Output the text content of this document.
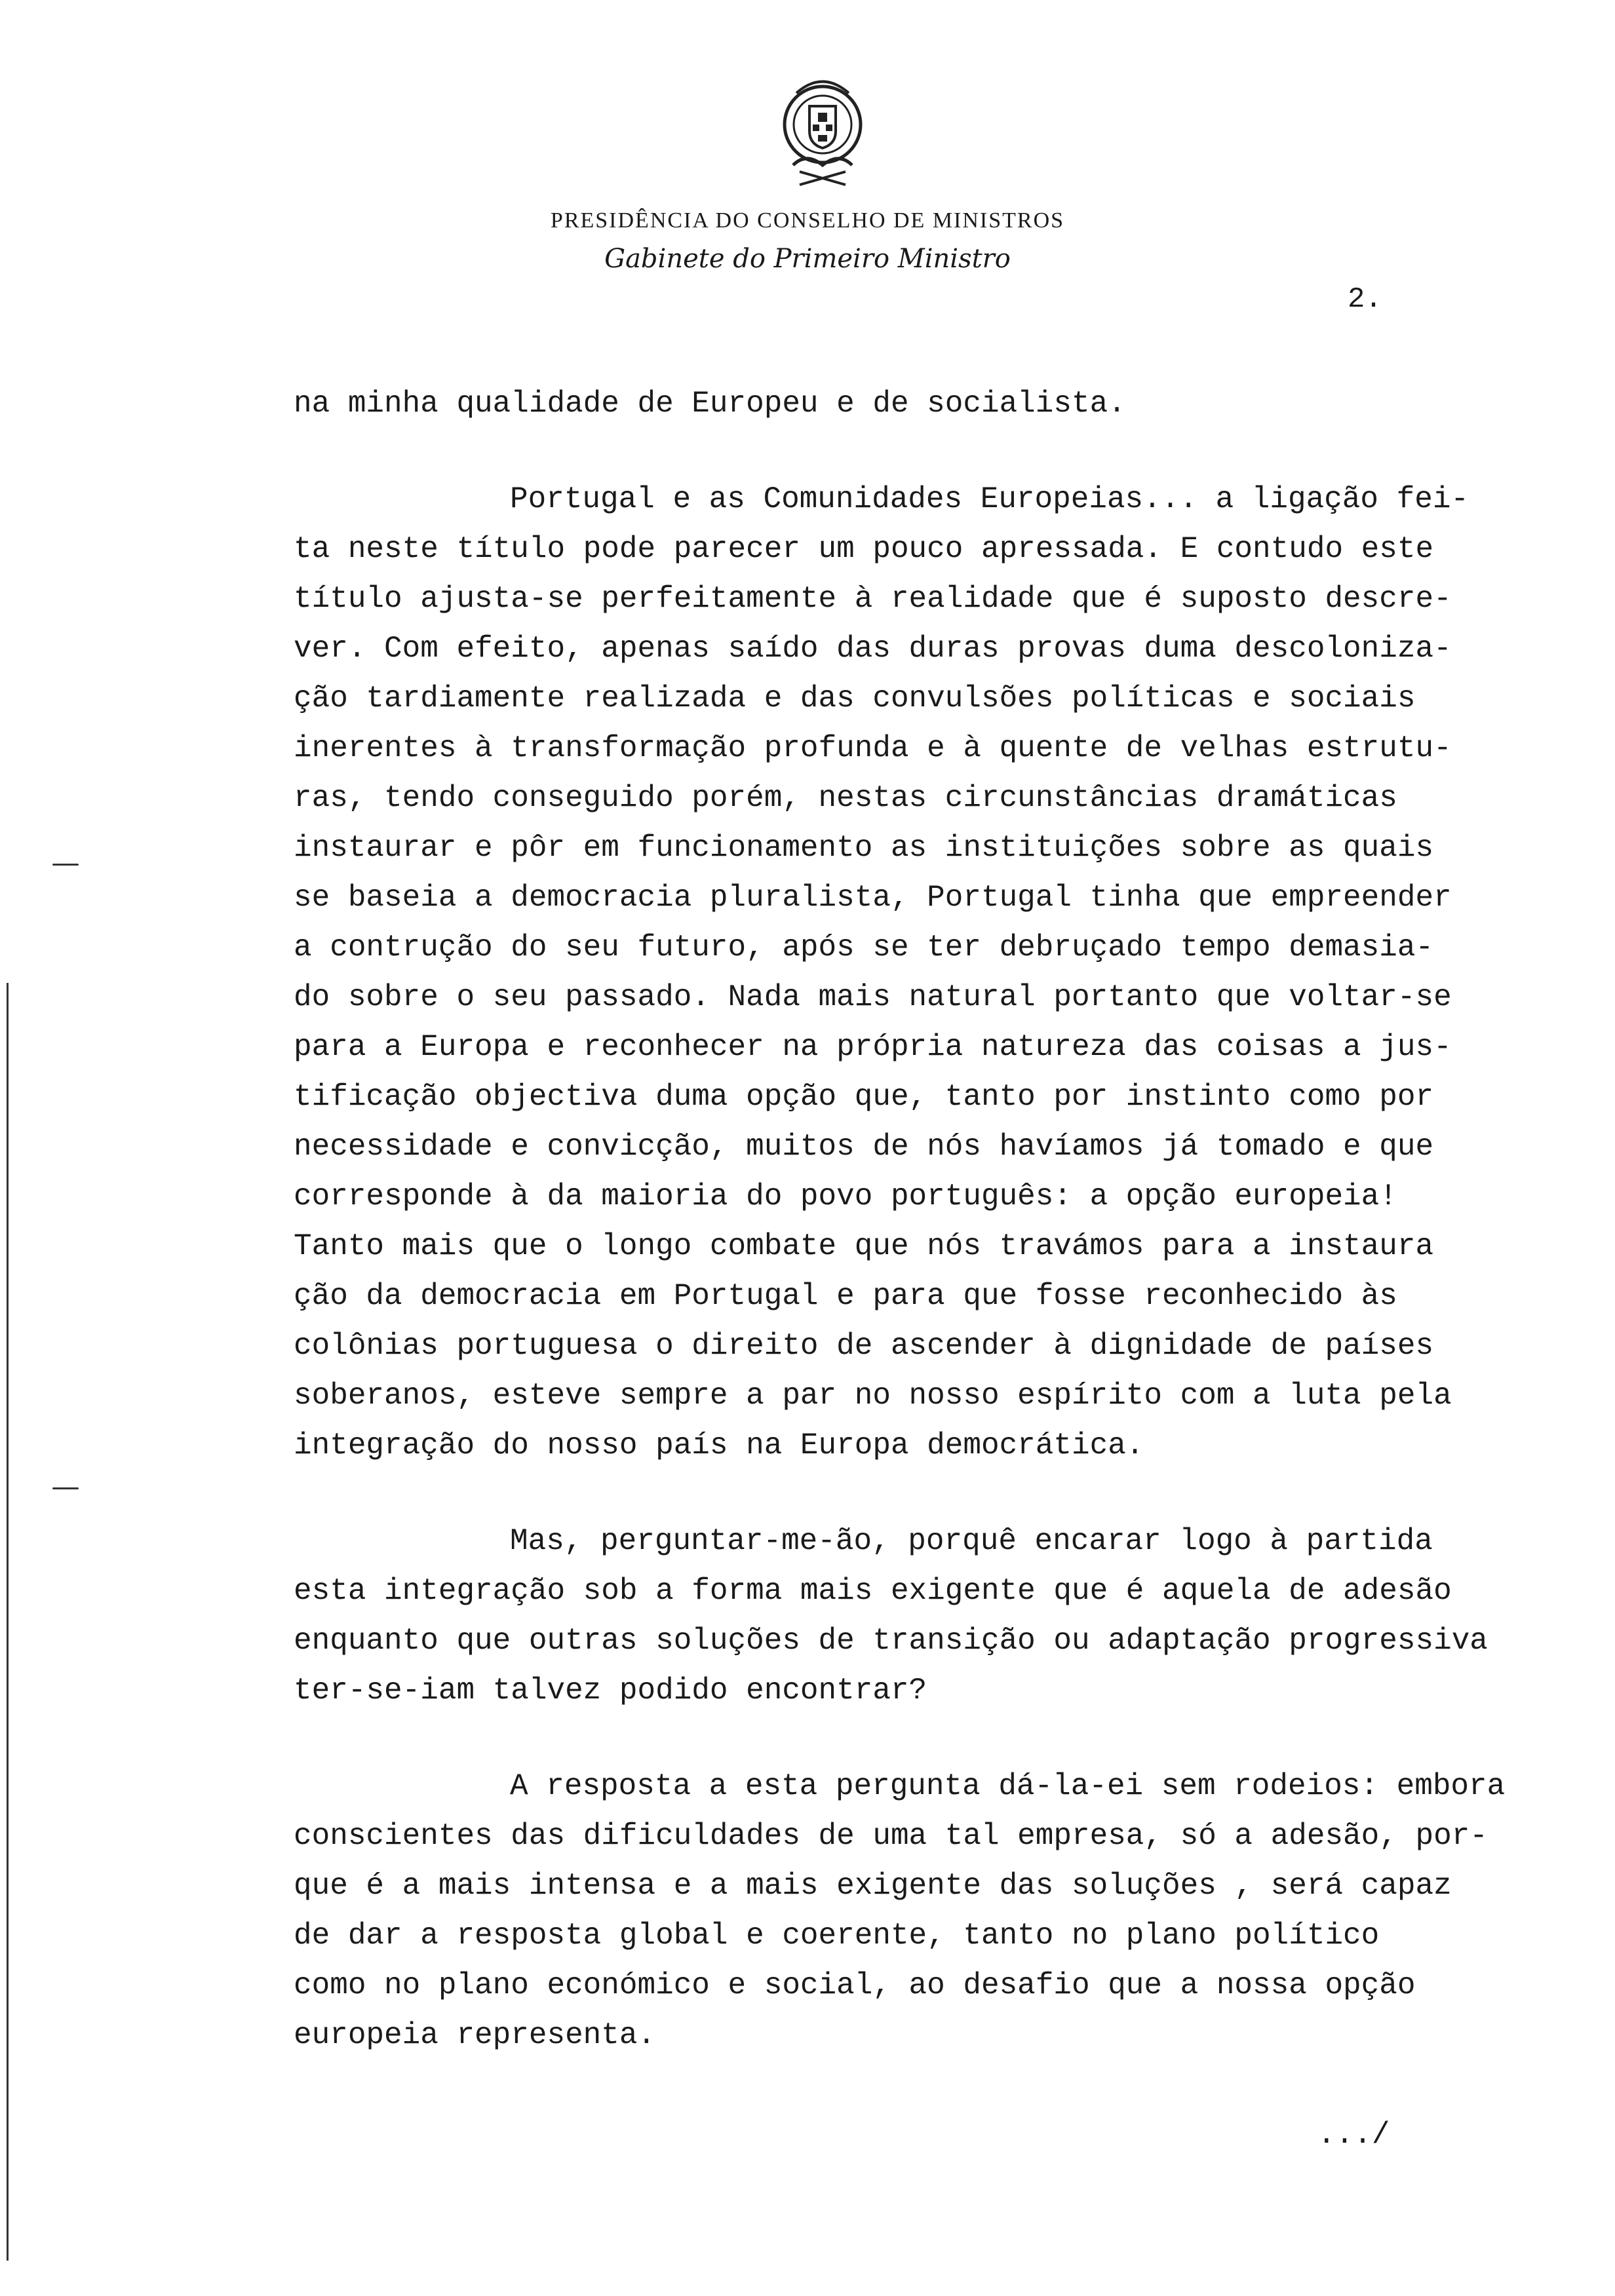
PRESIDÊNCIA DO CONSELHO DE MINISTROS
Gabinete do Primeiro Ministro
2.

na minha qualidade de Europeu e de socialista.

Portugal e as Comunidades Europeias... a ligação fei-
ta neste título pode parecer um pouco apressada. E contudo este
título ajusta-se perfeitamente à realidade que é suposto descre-
ver. Com efeito, apenas saído das duras provas duma descoloniza-
ção tardiamente realizada e das convulsões políticas e sociais
inerentes à transformação profunda e à quente de velhas estrutu-
ras, tendo conseguido porém, nestas circunstâncias dramáticas
instaurar e pôr em funcionamento as instituições sobre as quais
se baseia a democracia pluralista, Portugal tinha que empreender
a contrução do seu futuro, após se ter debruçado tempo demasia-
do sobre o seu passado. Nada mais natural portanto que voltar-se
para a Europa e reconhecer na própria natureza das coisas a jus-
tificação objectiva duma opção que, tanto por instinto como por
necessidade e convicção, muitos de nós havíamos já tomado e que
corresponde à da maioria do povo português: a opção europeia!
Tanto mais que o longo combate que nós travámos para a instaura
ção da democracia em Portugal e para que fosse reconhecido às
colônias portuguesa o direito de ascender à dignidade de países
soberanos, esteve sempre a par no nosso espírito com a luta pela
integração do nosso país na Europa democrática.

Mas, perguntar-me-ão, porquê encarar logo à partida
esta integração sob a forma mais exigente que é aquela de adesão
enquanto que outras soluções de transição ou adaptação progressiva
ter-se-iam talvez podido encontrar?

A resposta a esta pergunta dá-la-ei sem rodeios: embora
conscientes das dificuldades de uma tal empresa, só a adesão, por-
que é a mais intensa e a mais exigente das soluções , será capaz
de dar a resposta global e coerente, tanto no plano político
como no plano económico e social, ao desafio que a nossa opção
europeia representa.

.../
